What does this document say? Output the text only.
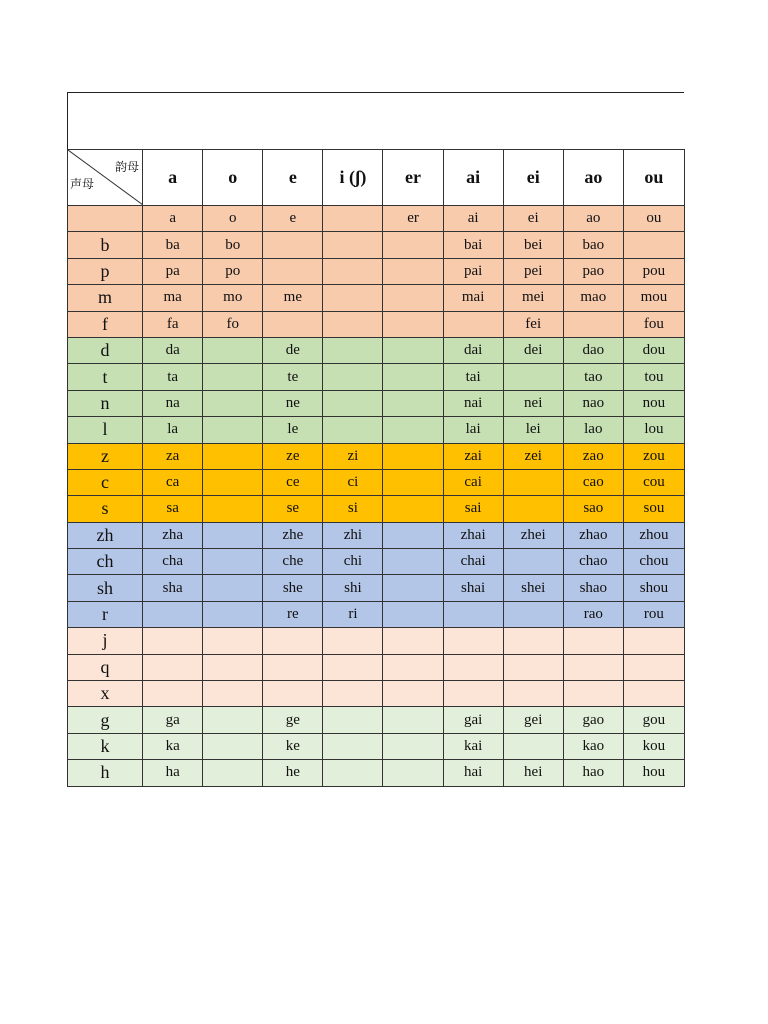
韵母
声母	a	o	e	i (ʃ)	er	ai	ei	ao	ou
	a	o	e		er	ai	ei	ao	ou
b	ba	bo				bai	bei	bao	
p	pa	po				pai	pei	pao	pou
m	ma	mo	me			mai	mei	mao	mou
f	fa	fo					fei		fou
d	da		de			dai	dei	dao	dou
t	ta		te			tai		tao	tou
n	na		ne			nai	nei	nao	nou
l	la		le			lai	lei	lao	lou
z	za		ze	zi		zai	zei	zao	zou
c	ca		ce	ci		cai		cao	cou
s	sa		se	si		sai		sao	sou
zh	zha		zhe	zhi		zhai	zhei	zhao	zhou
ch	cha		che	chi		chai		chao	chou
sh	sha		she	shi		shai	shei	shao	shou
r			re	ri				rao	rou
j									
q									
x									
g	ga		ge			gai	gei	gao	gou
k	ka		ke			kai		kao	kou
h	ha		he			hai	hei	hao	hou
